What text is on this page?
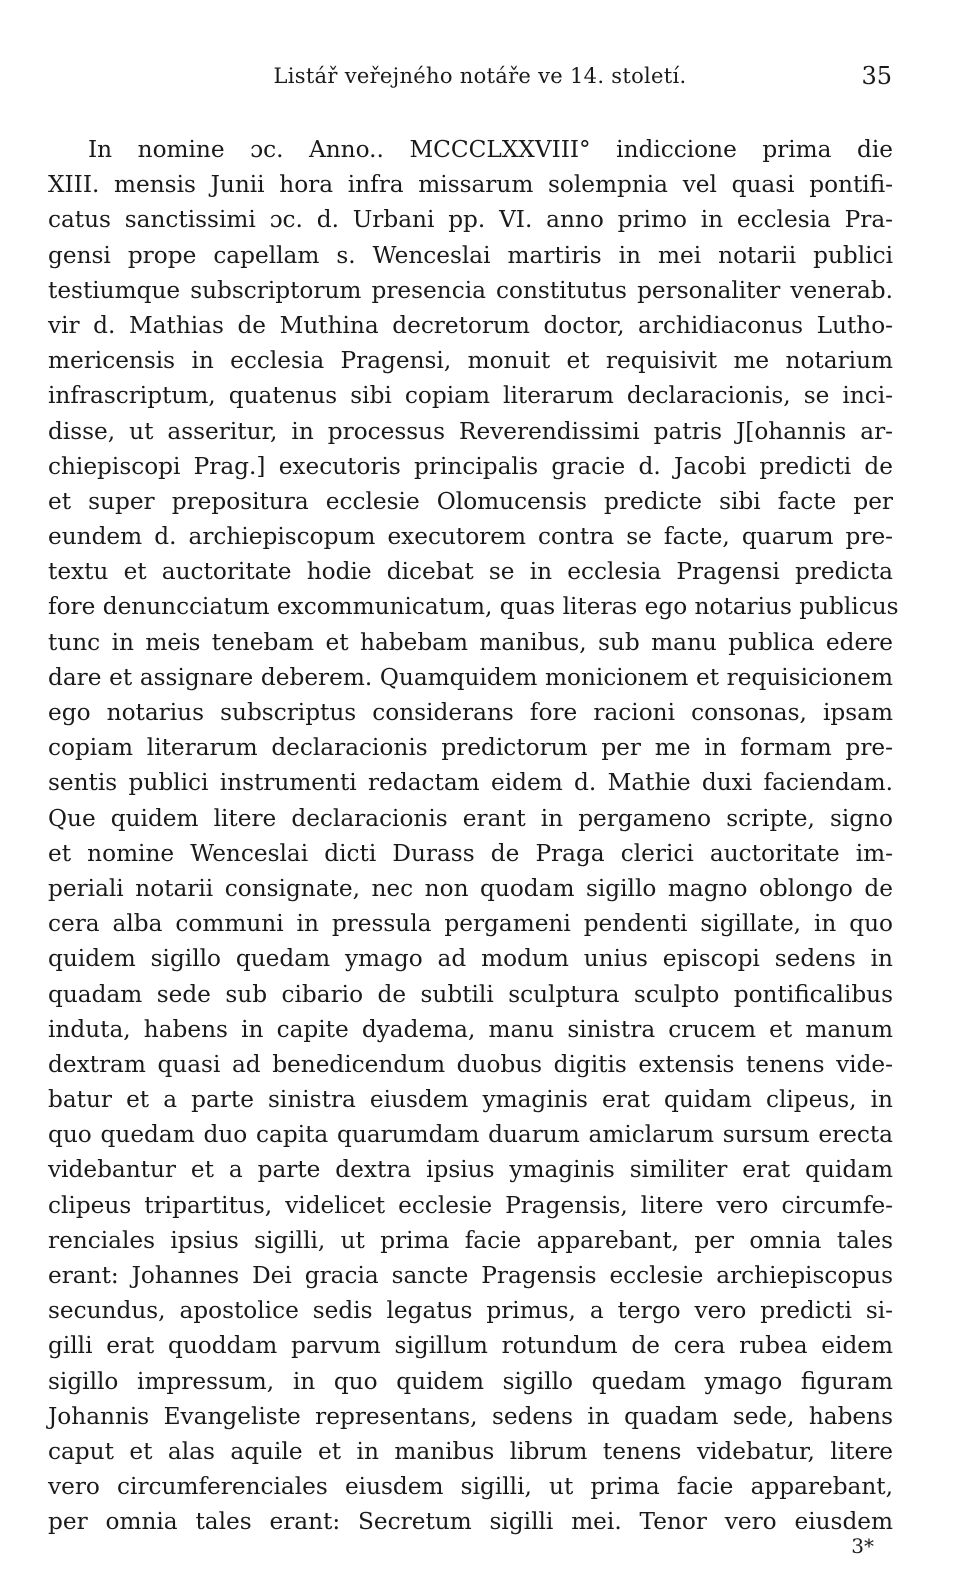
Listář veřejného notáře ve 14. století.	35
In nomine ɔc. Anno.. MCCCLXXVIII° indiccione prima die
XIII. mensis Junii hora infra missarum solempnia vel quasi pontifi-
catus sanctissimi ɔc. d. Urbani pp. VI. anno primo in ecclesia Pra-
gensi prope capellam s. Wenceslai martiris in mei notarii publici
testiumque subscriptorum presencia constitutus personaliter venerab.
vir d. Mathias de Muthina decretorum doctor, archidiaconus Lutho-
mericensis in ecclesia Pragensi, monuit et requisivit me notarium
infrascriptum, quatenus sibi copiam literarum declaracionis, se inci-
disse, ut asseritur, in processus Reverendissimi patris J[ohannis ar-
chiepiscopi Prag.] executoris principalis gracie d. Jacobi predicti de
et super prepositura ecclesie Olomucensis predicte sibi facte per
eundem d. archiepiscopum executorem contra se facte, quarum pre-
textu et auctoritate hodie dicebat se in ecclesia Pragensi predicta
fore denuncciatum excommunicatum, quas literas ego notarius publicus
tunc in meis tenebam et habebam manibus, sub manu publica edere
dare et assignare deberem. Quamquidem monicionem et requisicionem
ego notarius subscriptus considerans fore racioni consonas, ipsam
copiam literarum declaracionis predictorum per me in formam pre-
sentis publici instrumenti redactam eidem d. Mathie duxi faciendam.
Que quidem litere declaracionis erant in pergameno scripte, signo
et nomine Wenceslai dicti Durass de Praga clerici auctoritate im-
periali notarii consignate, nec non quodam sigillo magno oblongo de
cera alba communi in pressula pergameni pendenti sigillate, in quo
quidem sigillo quedam ymago ad modum unius episcopi sedens in
quadam sede sub cibario de subtili sculptura sculpto pontificalibus
induta, habens in capite dyadema, manu sinistra crucem et manum
dextram quasi ad benedicendum duobus digitis extensis tenens vide-
batur et a parte sinistra eiusdem ymaginis erat quidam clipeus, in
quo quedam duo capita quarumdam duarum amiclarum sursum erecta
videbantur et a parte dextra ipsius ymaginis similiter erat quidam
clipeus tripartitus, videlicet ecclesie Pragensis, litere vero circumfe-
renciales ipsius sigilli, ut prima facie apparebant, per omnia tales
erant: Johannes Dei gracia sancte Pragensis ecclesie archiepiscopus
secundus, apostolice sedis legatus primus, a tergo vero predicti si-
gilli erat quoddam parvum sigillum rotundum de cera rubea eidem
sigillo impressum, in quo quidem sigillo quedam ymago figuram
Johannis Evangeliste representans, sedens in quadam sede, habens
caput et alas aquile et in manibus librum tenens videbatur, litere
vero circumferenciales eiusdem sigilli, ut prima facie apparebant,
per omnia tales erant: Secretum sigilli mei. Tenor vero eiusdem
3*
